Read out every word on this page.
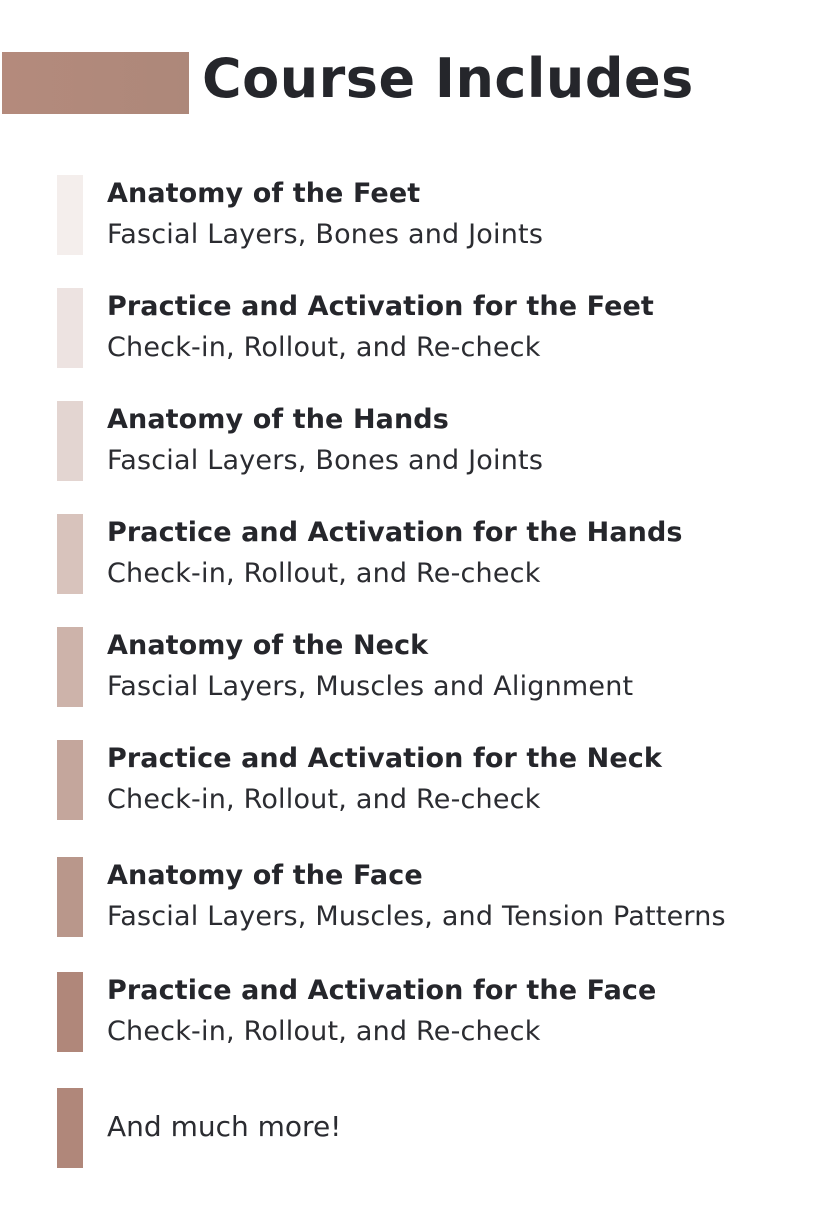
Course Includes
Anatomy of the Feet
Fascial Layers, Bones and Joints
Practice and Activation for the Feet
Check-in, Rollout, and Re-check
Anatomy of the Hands
Fascial Layers, Bones and Joints
Practice and Activation for the Hands
Check-in, Rollout, and Re-check
Anatomy of the Neck
Fascial Layers, Muscles and Alignment
Practice and Activation for the Neck
Check-in, Rollout, and Re-check
Anatomy of the Face
Fascial Layers, Muscles, and Tension Patterns
Practice and Activation for the Face
Check-in, Rollout, and Re-check
And much more!
